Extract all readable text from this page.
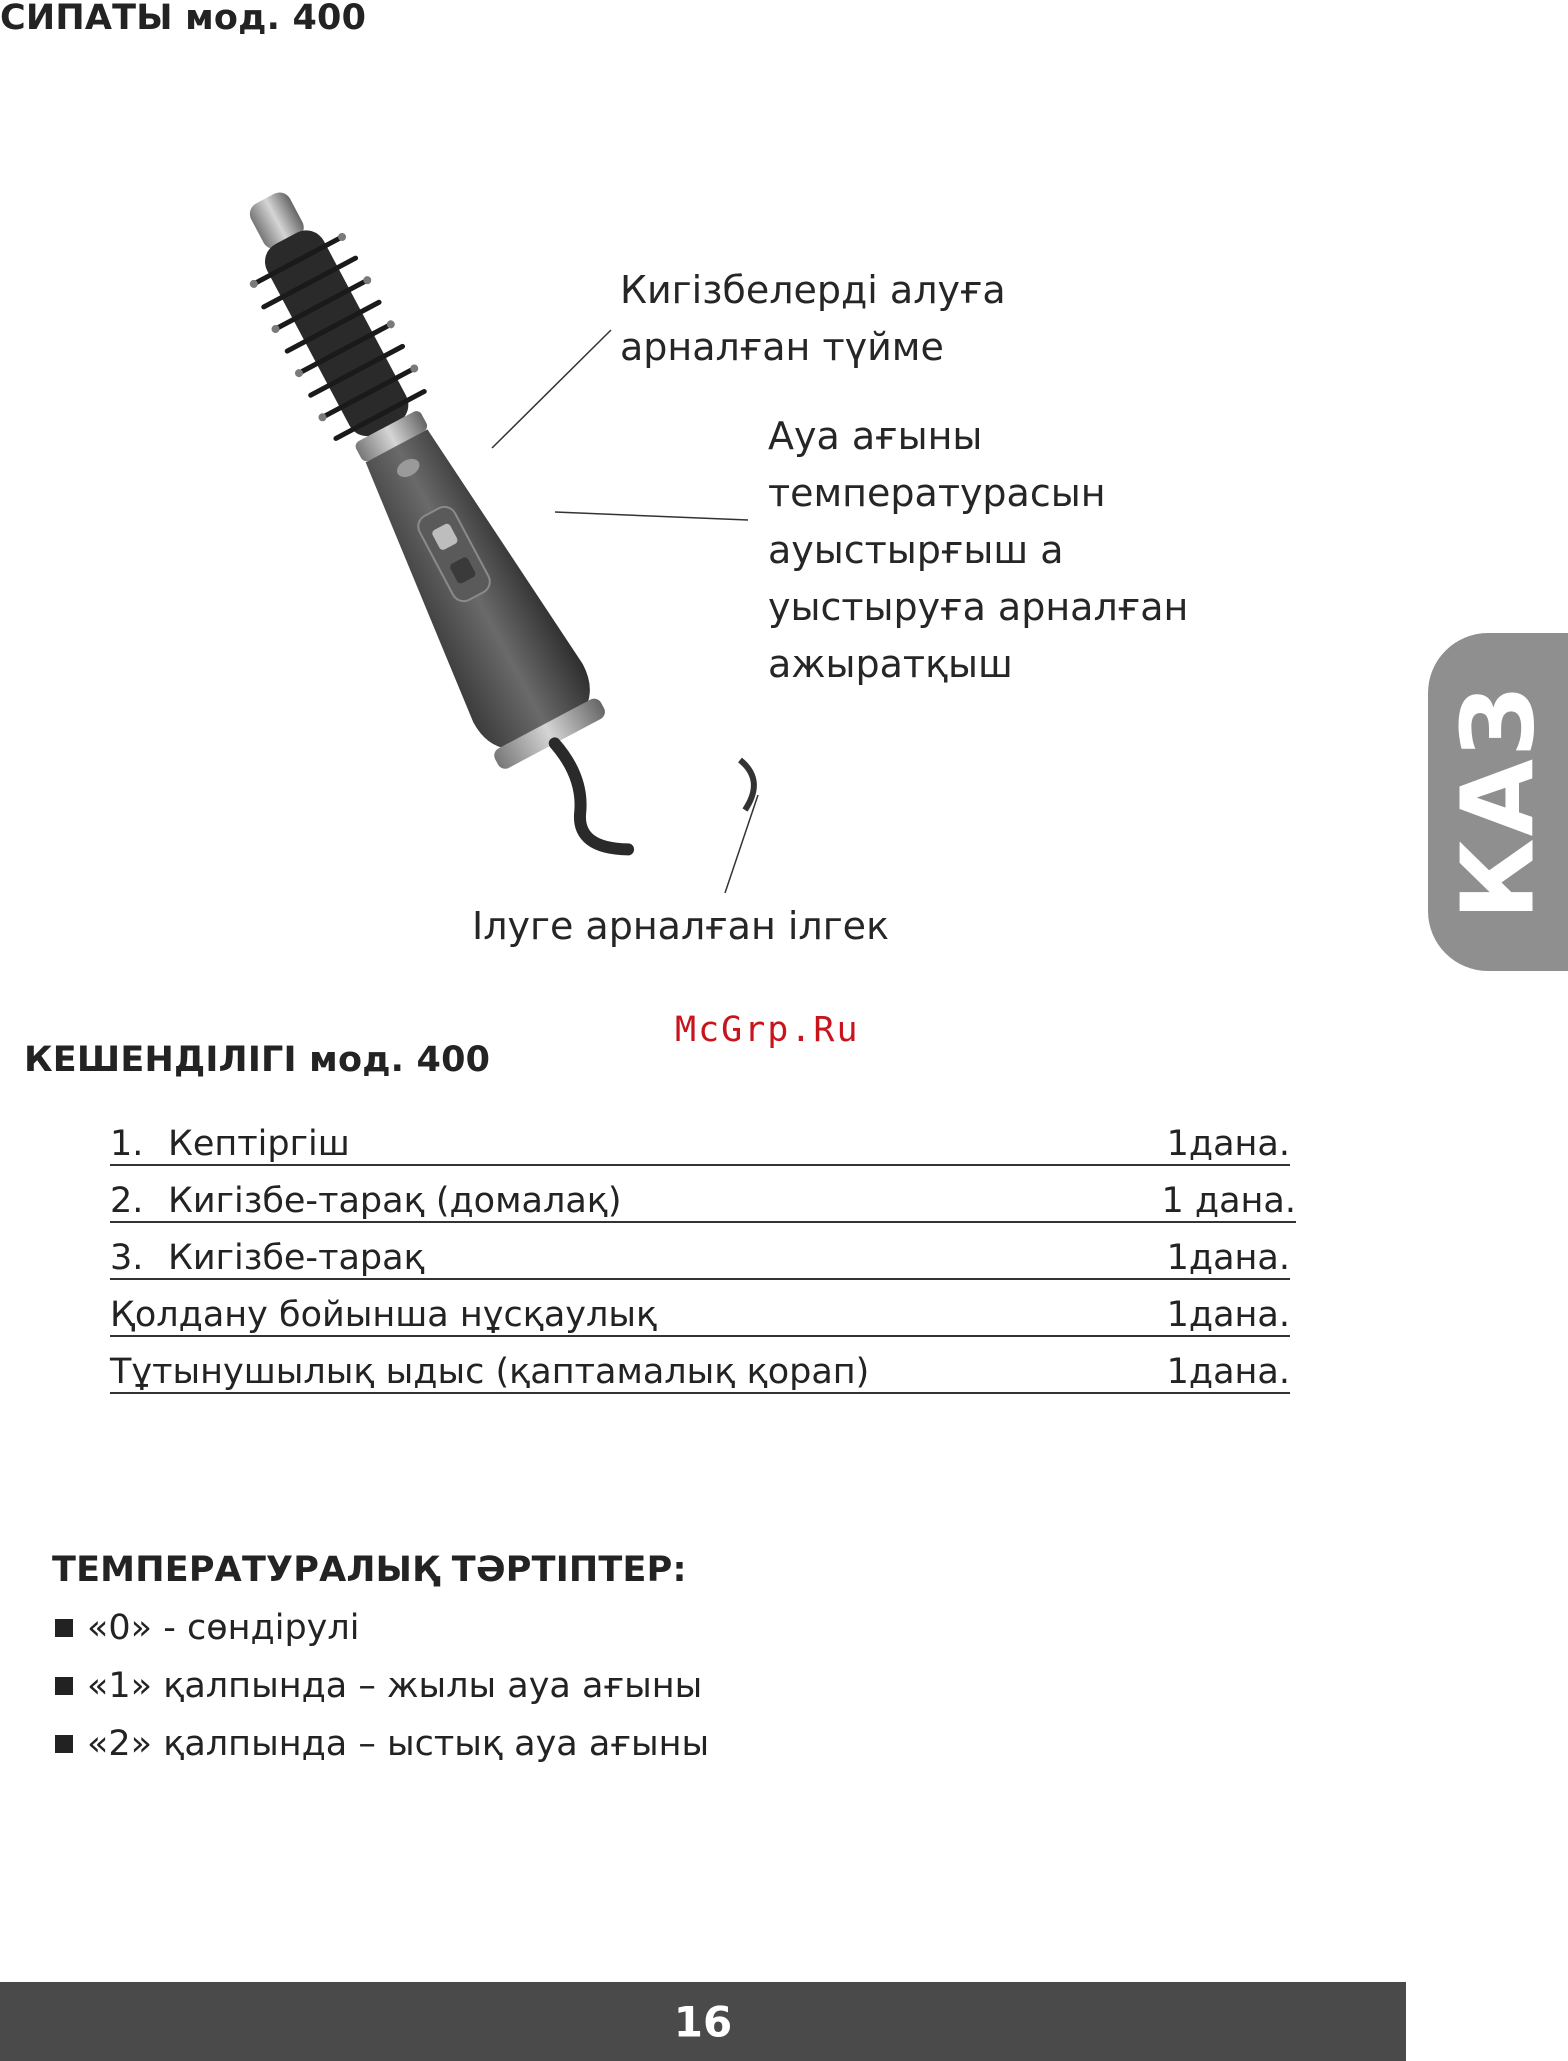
СИПАТЫ мод. 400
Кигізбелерді алуға
арналған түйме
Ауа ағыны
температурасын
ауыстырғыш а
уыстыруға арналған
ажыратқыш
Ілуге арналған ілгек
КАЗ
McGrp.Ru
КЕШЕНДІЛІГІ мод. 400
1. Кептіргіш	1дана.
2. Кигізбе-тарақ (домалақ)	1 дана.
3. Кигізбе-тарақ	1дана.
Қолдану бойынша нұсқаулық	1дана.
Тұтынушылық ыдыс (қаптамалық қорап)	1дана.
ТЕМПЕРАТУРАЛЫҚ ТӘРТІПТЕР:
«0» - сөндірулі
«1» қалпында – жылы ауа ағыны
«2» қалпында – ыстық ауа ағыны
16
